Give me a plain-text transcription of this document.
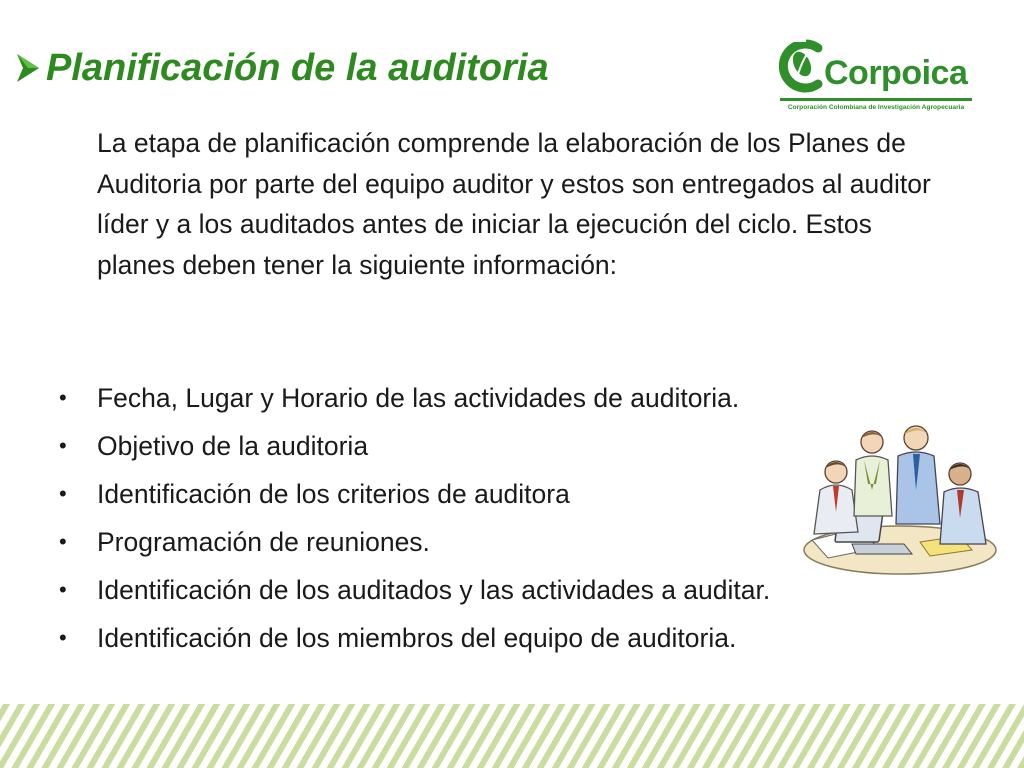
Planificación de la auditoria	Corpoica
Corporación Colombiana de Investigación Agropecuaria
La etapa de planificación comprende la elaboración de los Planes de Auditoria por parte del equipo auditor y estos son entregados al auditor líder y a los auditados antes de iniciar la ejecución del ciclo. Estos planes deben tener la siguiente información:
• Fecha, Lugar y Horario de las actividades de auditoria.
• Objetivo de la auditoria
• Identificación de los criterios de auditora
• Programación de reuniones.
• Identificación de los auditados y las actividades a auditar.
• Identificación de los miembros del equipo de auditoria.
